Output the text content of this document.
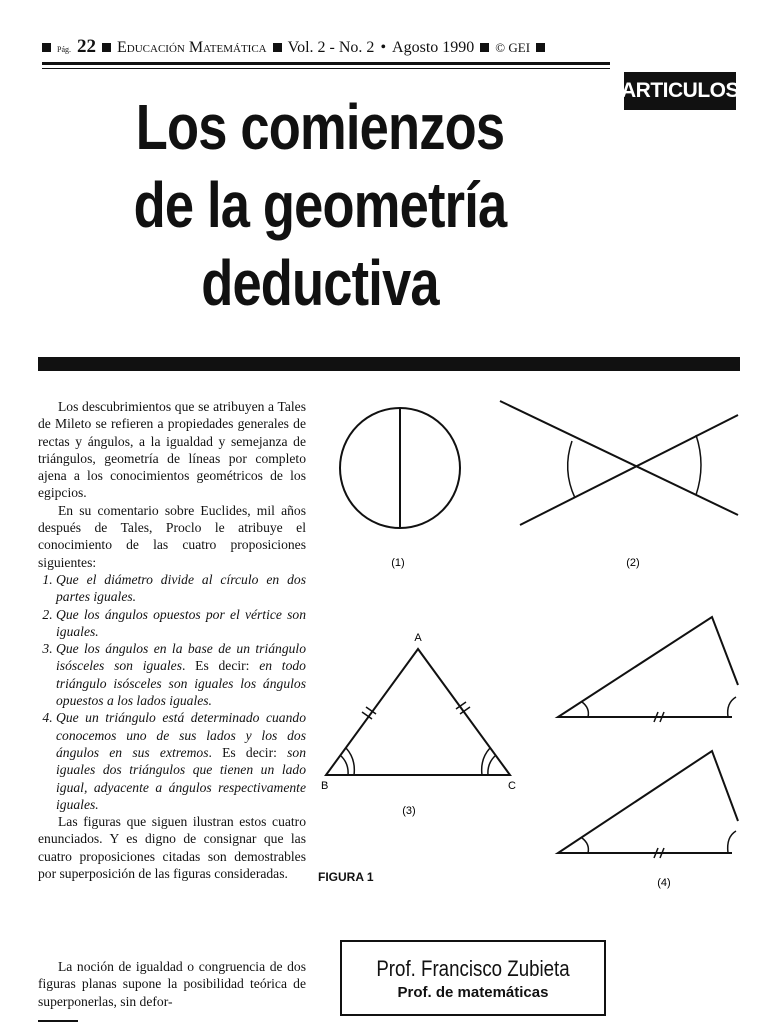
Pág. 22 Educación Matemática Vol. 2 - No. 2 • Agosto 1990 © GEI
ARTICULOS
Los comienzos
de la geometría
deductiva

Los descubrimientos que se atribuyen a Tales de Mileto se refieren a propiedades generales de rectas y ángulos, a la igualdad y semejanza de triángulos, geometría de líneas por completo ajena a los conocimientos geométricos de los egipcios.

En su comentario sobre Euclides, mil años después de Tales, Proclo le atribuye el conocimiento de las cuatro proposiciones siguientes:

1. Que el diámetro divide al círculo en dos partes iguales.
2. Que los ángulos opuestos por el vértice son iguales.
3. Que los ángulos en la base de un triángulo isósceles son iguales. Es decir: en todo triángulo isósceles son iguales los ángulos opuestos a los lados iguales.
4. Que un triángulo está determinado cuando conocemos uno de sus lados y los dos ángulos en sus extremos. Es decir: son iguales dos triángulos que tienen un lado igual, adyacente a ángulos respectivamente iguales.

Las figuras que siguen ilustran estos cuatro enunciados. Y es digno de consignar que las cuatro proposiciones citadas son demostrables por superposición de las figuras consideradas.

La noción de igualdad o congruencia de dos figuras planas supone la posibilidad teórica de superponerlas, sin defor-

(1)	(2)
A
B	C
(3)
(4)
FIGURA 1
Prof. Francisco Zubieta
Prof. de matemáticas
